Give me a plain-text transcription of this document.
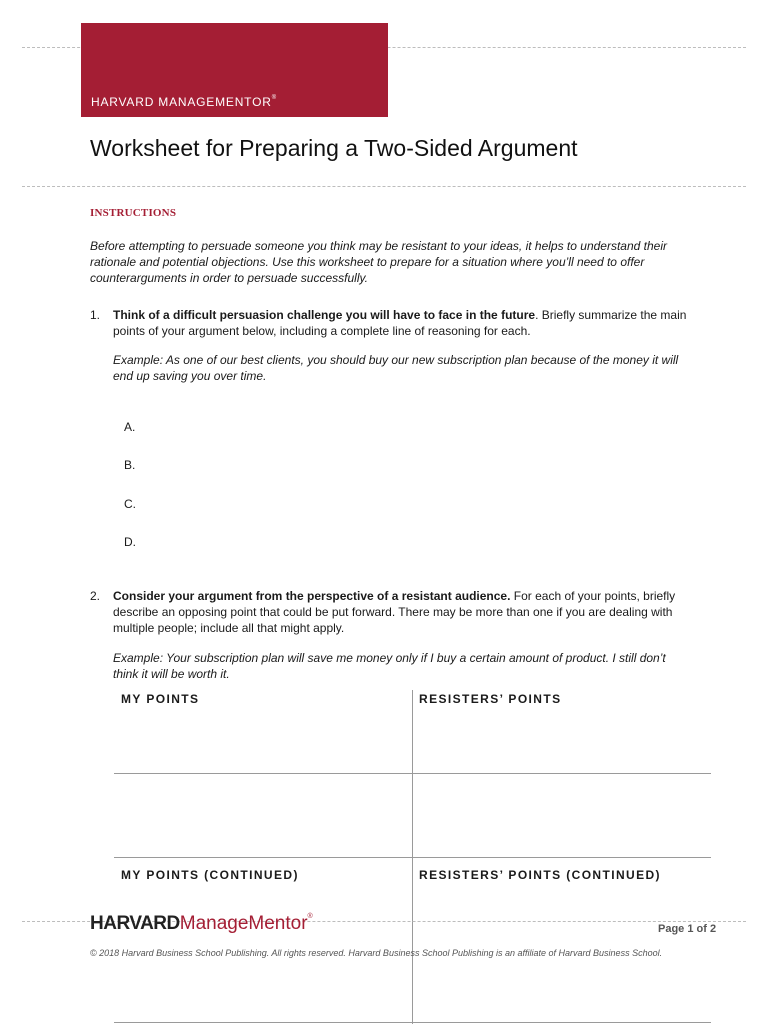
HARVARD MANAGEMENTOR®
Worksheet for Preparing a Two-Sided Argument
INSTRUCTIONS
Before attempting to persuade someone you think may be resistant to your ideas, it helps to understand their
rationale and potential objections. Use this worksheet to prepare for a situation where you’ll need to offer
counterarguments in order to persuade successfully.
1. Think of a difficult persuasion challenge you will have to face in the future. Briefly summarize the main
points of your argument below, including a complete line of reasoning for each.
Example: As one of our best clients, you should buy our new subscription plan because of the money it will
end up saving you over time.
A.
B.
C.
D.
2. Consider your argument from the perspective of a resistant audience. For each of your points, briefly
describe an opposing point that could be put forward. There may be more than one if you are dealing with
multiple people; include all that might apply.
Example: Your subscription plan will save me money only if I buy a certain amount of product. I still don’t
think it will be worth it.
MY POINTS	RESISTERS’ POINTS
MY POINTS (CONTINUED)	RESISTERS’ POINTS (CONTINUED)
HARVARDManageMentor®
Page 1 of 2
© 2018 Harvard Business School Publishing. All rights reserved. Harvard Business School Publishing is an affiliate of Harvard Business School.
